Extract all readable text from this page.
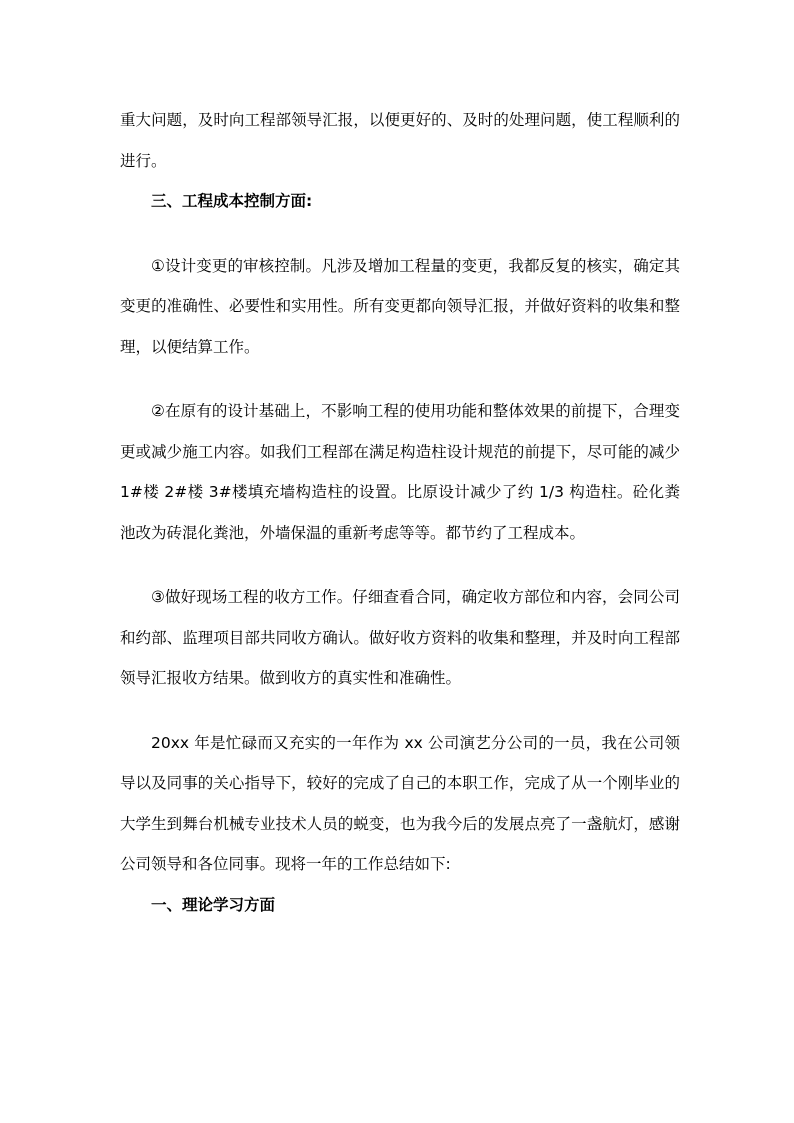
重大问题，及时向工程部领导汇报，以便更好的、及时的处理问题，使工程顺利的进行。

三、工程成本控制方面:

①设计变更的审核控制。凡涉及增加工程量的变更，我都反复的核实，确定其变更的准确性、必要性和实用性。所有变更都向领导汇报，并做好资料的收集和整理，以便结算工作。

②在原有的设计基础上，不影响工程的使用功能和整体效果的前提下，合理变更或减少施工内容。如我们工程部在满足构造柱设计规范的前提下，尽可能的减少 1#楼 2#楼 3#楼填充墙构造柱的设置。比原设计减少了约 1/3 构造柱。砼化粪池改为砖混化粪池，外墙保温的重新考虑等等。都节约了工程成本。

③做好现场工程的收方工作。仔细查看合同，确定收方部位和内容，会同公司和约部、监理项目部共同收方确认。做好收方资料的收集和整理，并及时向工程部领导汇报收方结果。做到收方的真实性和准确性。

20xx 年是忙碌而又充实的一年作为 xx 公司演艺分公司的一员，我在公司领导以及同事的关心指导下，较好的完成了自己的本职工作，完成了从一个刚毕业的大学生到舞台机械专业技术人员的蜕变，也为我今后的发展点亮了一盏航灯，感谢公司领导和各位同事。现将一年的工作总结如下:

一、理论学习方面
